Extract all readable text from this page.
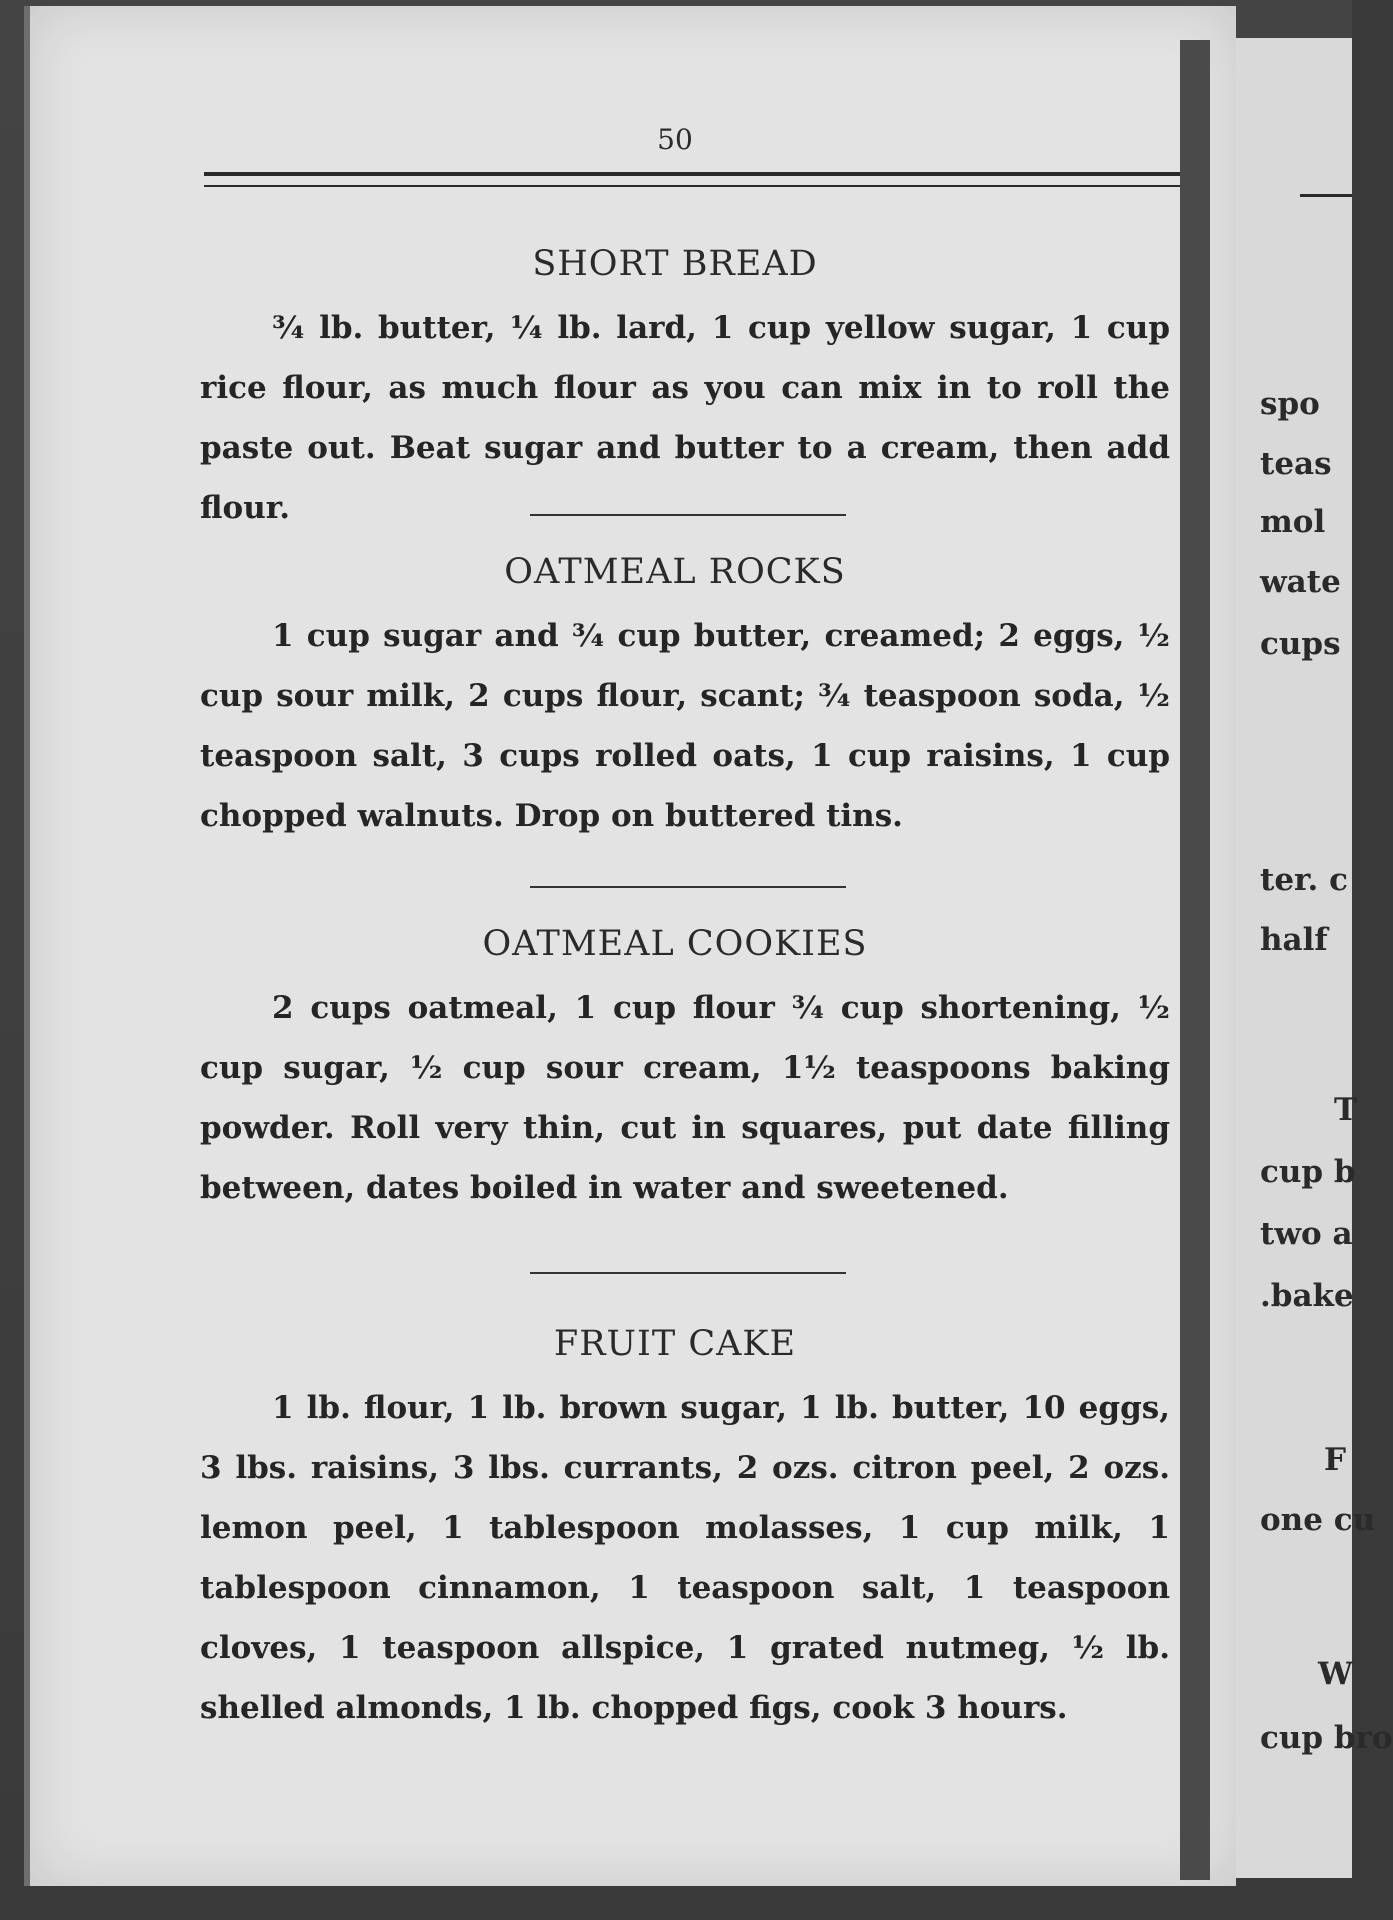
50
SHORT BREAD

¾ lb. butter, ¼ lb. lard, 1 cup yellow sugar, 1 cup rice flour, as much flour as you can mix in to roll the paste out. Beat sugar and butter to a cream, then add flour.

OATMEAL ROCKS

1 cup sugar and ¾ cup butter, creamed; 2 eggs, ½ cup sour milk, 2 cups flour, scant; ¾ teaspoon soda, ½ teaspoon salt, 3 cups rolled oats, 1 cup raisins, 1 cup chopped walnuts. Drop on buttered tins.

OATMEAL COOKIES

2 cups oatmeal, 1 cup flour ¾ cup shortening, ½ cup sugar, ½ cup sour cream, 1½ teaspoons baking powder. Roll very thin, cut in squares, put date filling between, dates boiled in water and sweetened.

FRUIT CAKE

1 lb. flour, 1 lb. brown sugar, 1 lb. butter, 10 eggs, 3 lbs. raisins, 3 lbs. currants, 2 ozs. citron peel, 2 ozs. lemon peel, 1 tablespoon molasses, 1 cup milk, 1 tablespoon cinnamon, 1 teaspoon salt, 1 teaspoon cloves, 1 teaspoon allspice, 1 grated nutmeg, ½ lb. shelled almonds, 1 lb. chopped figs, cook 3 hours.

spo
teas
mol
wate
cups
ter. c
half
T
cup b
two a
.bake
F
one cu
W
cup bro
